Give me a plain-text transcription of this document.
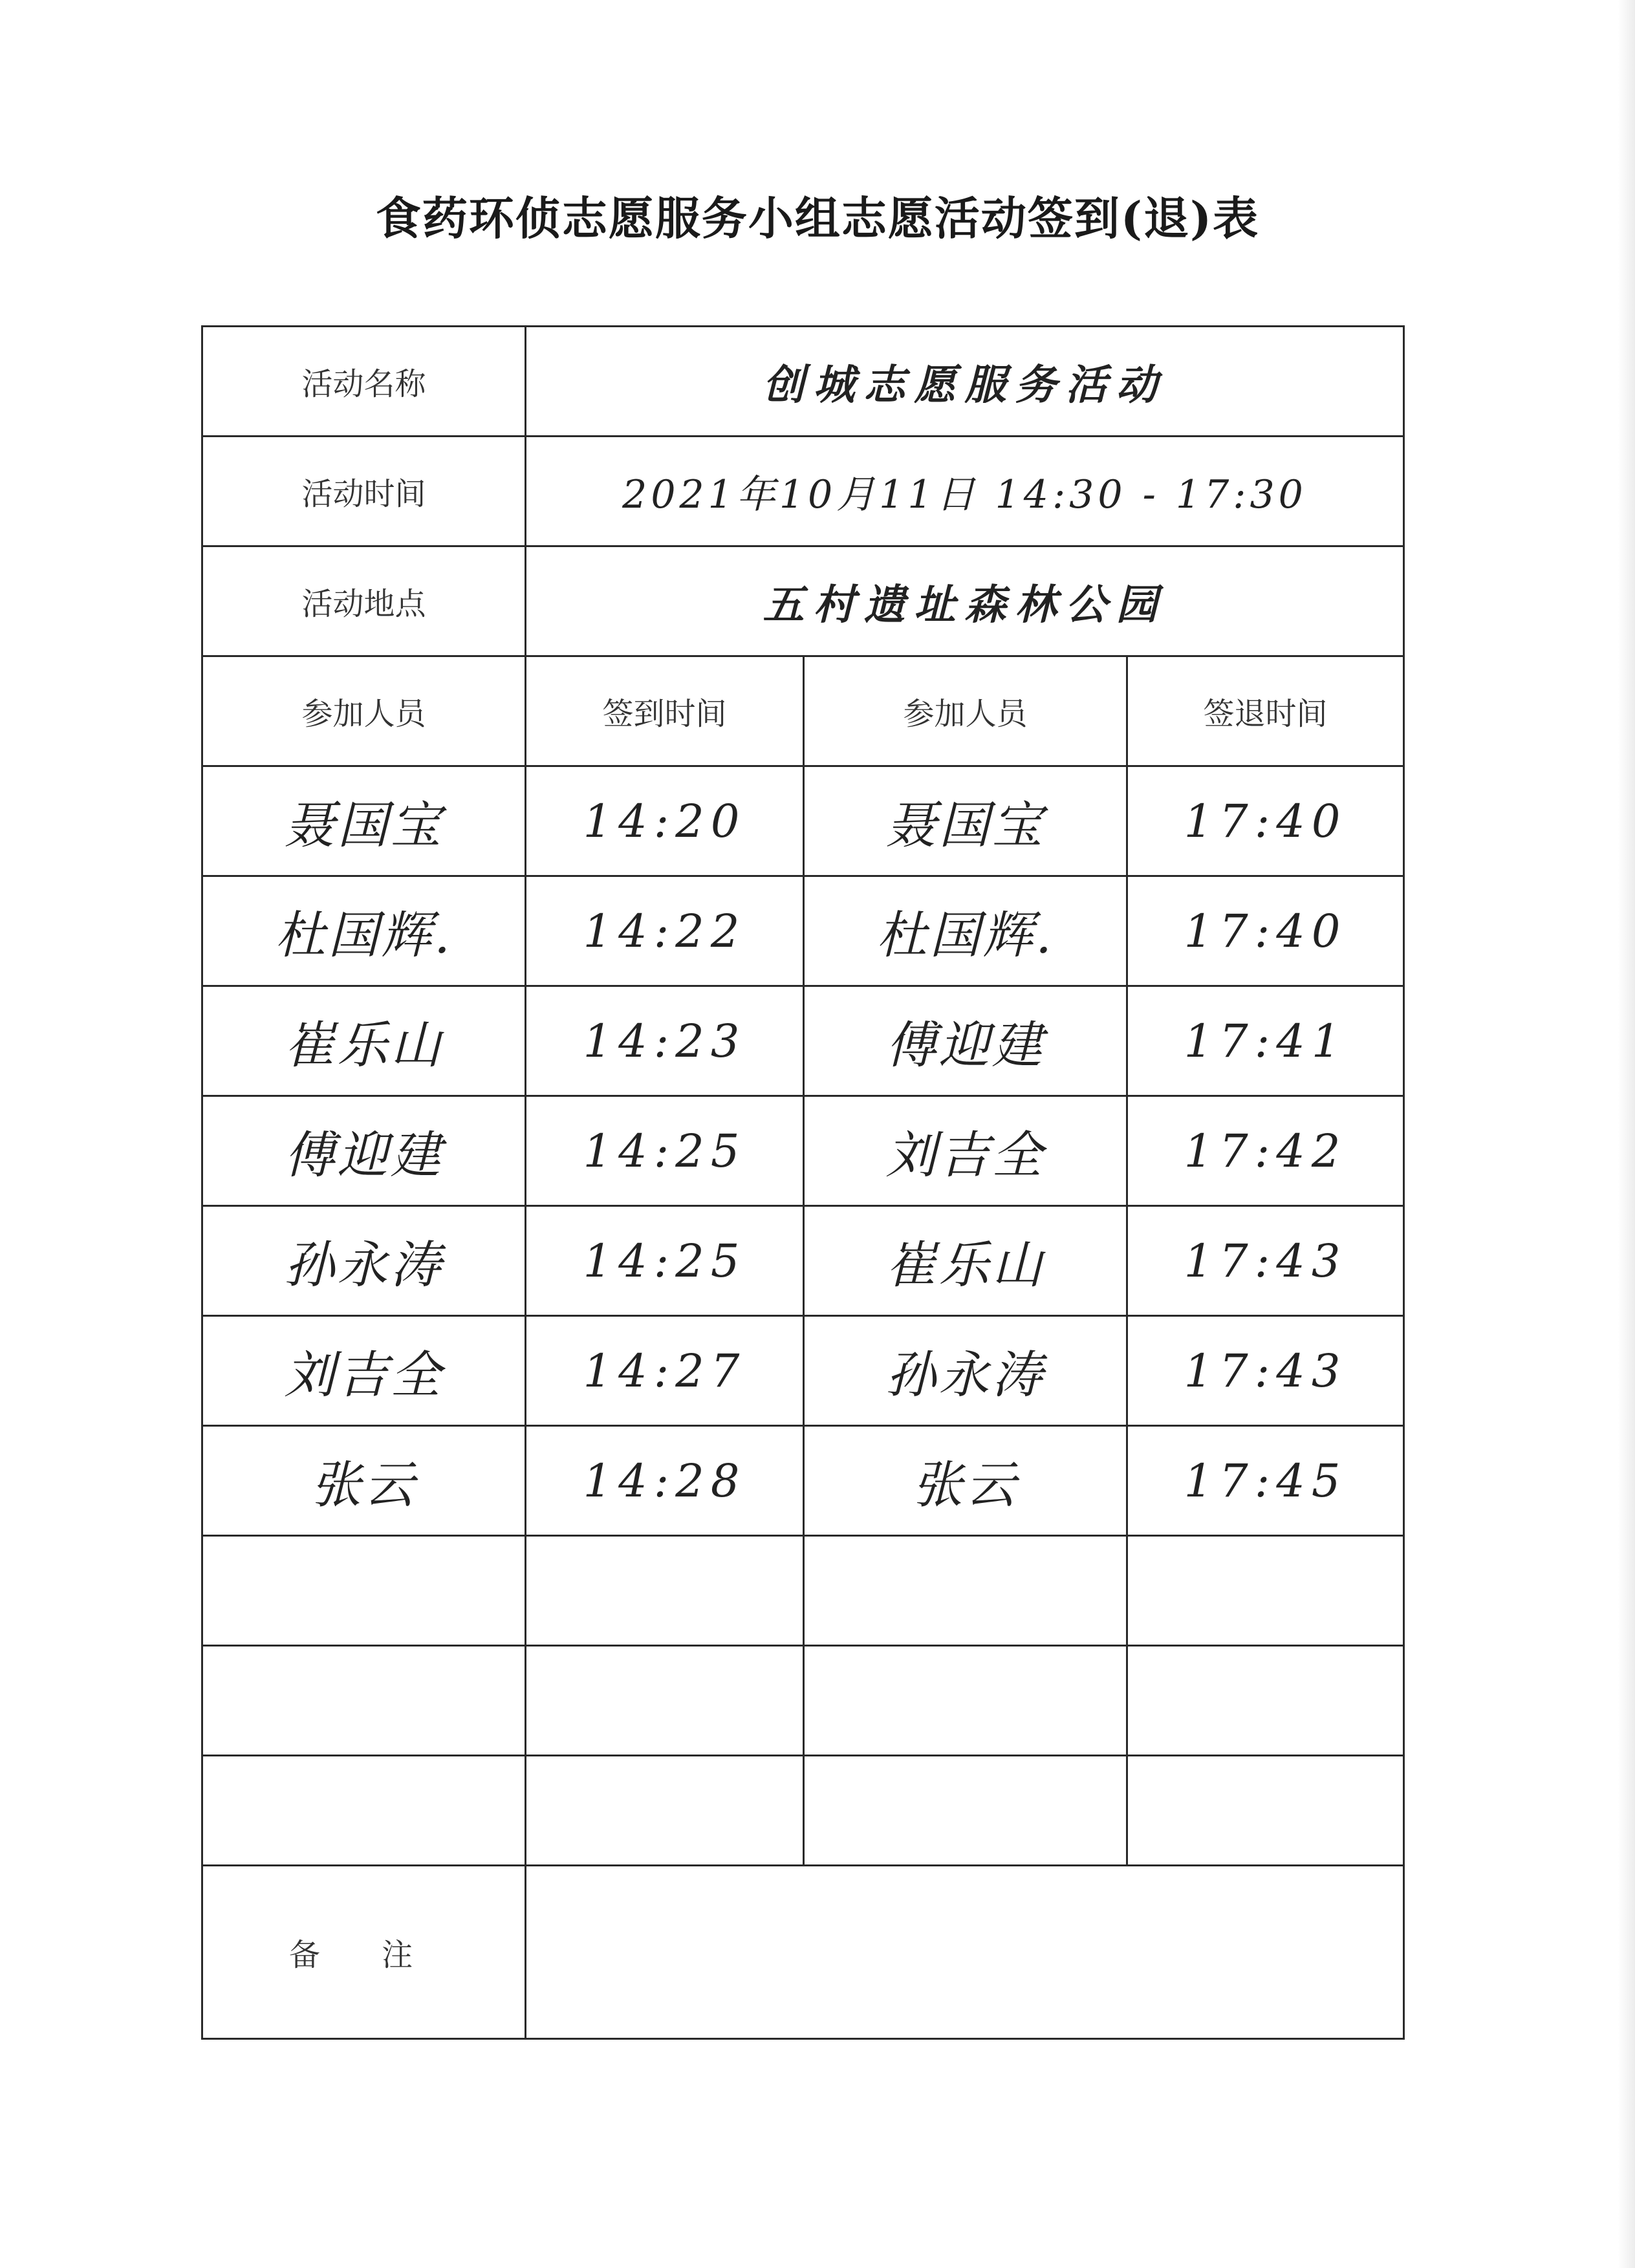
食药环侦志愿服务小组志愿活动签到(退)表
活动名称	创城志愿服务活动		
活动时间	2021年10月11日 14:30 - 17:30		
活动地点	五村遗址森林公园		
参加人员	签到时间	参加人员	签退时间
聂国宝	14:20	聂国宝	17:40
杜国辉.	14:22	杜国辉.	17:40
崔乐山	14:23	傅迎建	17:41
傅迎建	14:25	刘吉全	17:42
孙永涛	14:25	崔乐山	17:43
刘吉全	14:27	孙永涛	17:43
张云	14:28	张云	17:45

备 注			
